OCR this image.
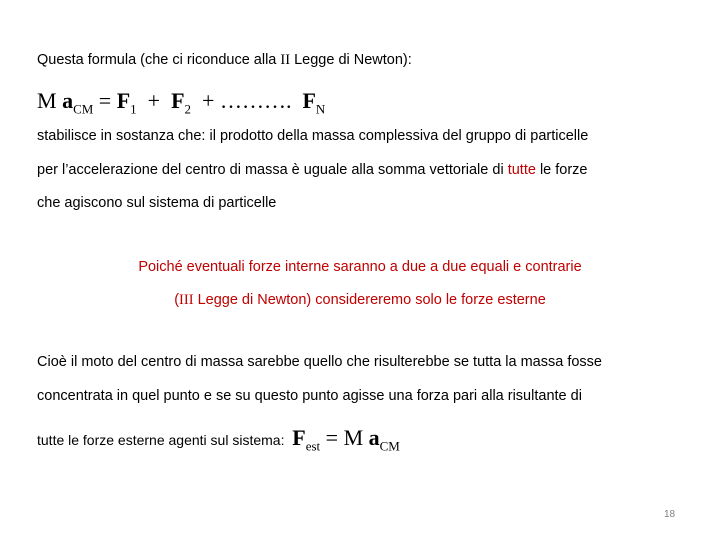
Questa formula (che ci riconduce alla II Legge di Newton):
M $a_{CM} = F_1 + F_2$  + ……….  $F_N$
stabilisce in sostanza che: il prodotto della massa complessiva del gruppo di particelle
per l’accelerazione del centro di massa è uguale alla somma vettoriale di tutte le forze
che agiscono sul sistema di particelle
Poiché eventuali forze interne saranno a due a due equali e contrarie
(III Legge di Newton) considereremo solo le forze esterne
Cioè il moto del centro di massa sarebbe quello che risulterebbe se tutta la massa fosse
concentrata in quel punto e se su questo punto agisse una forza pari alla risultante di
tutte le forze esterne agenti sul sistema:  $F_{est} = M$ $a_{CM}$
18
